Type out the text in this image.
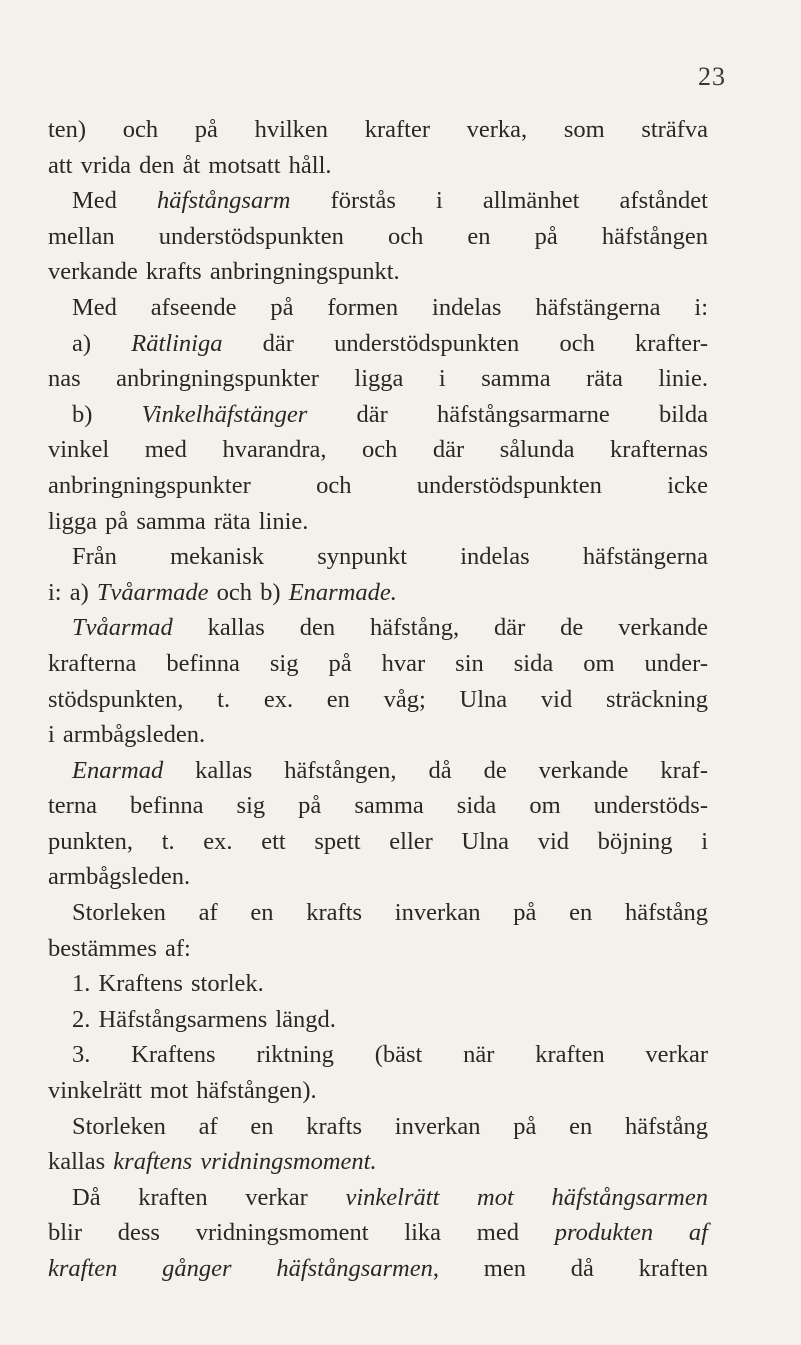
23
ten) och på hvilken krafter verka, som sträfva
att vrida den åt motsatt håll.
Med häfstångsarm förstås i allmänhet afståndet
mellan understödspunkten och en på häfstången
verkande krafts anbringningspunkt.
Med afseende på formen indelas häfstängerna i:
a) Rätliniga där understödspunkten och krafter-
nas anbringningspunkter ligga i samma räta linie.
b) Vinkelhäfstänger där häfstångsarmarne bilda
vinkel med hvarandra, och där sålunda krafternas
anbringningspunkter och understödspunkten icke
ligga på samma räta linie.
Från mekanisk synpunkt indelas häfstängerna
i: a) Tvåarmade och b) Enarmade.
Tvåarmad kallas den häfstång, där de verkande
krafterna befinna sig på hvar sin sida om under-
stödspunkten, t. ex. en våg; Ulna vid sträckning
i armbågsleden.
Enarmad kallas häfstången, då de verkande kraf-
terna befinna sig på samma sida om understöds-
punkten, t. ex. ett spett eller Ulna vid böjning i
armbågsleden.
Storleken af en krafts inverkan på en häfstång
bestämmes af:
1. Kraftens storlek.
2. Häfstångsarmens längd.
3. Kraftens riktning (bäst när kraften verkar
vinkelrätt mot häfstången).
Storleken af en krafts inverkan på en häfstång
kallas kraftens vridningsmoment.
Då kraften verkar vinkelrätt mot häfstångsarmen
blir dess vridningsmoment lika med produkten af
kraften gånger häfstångsarmen, men då kraften
